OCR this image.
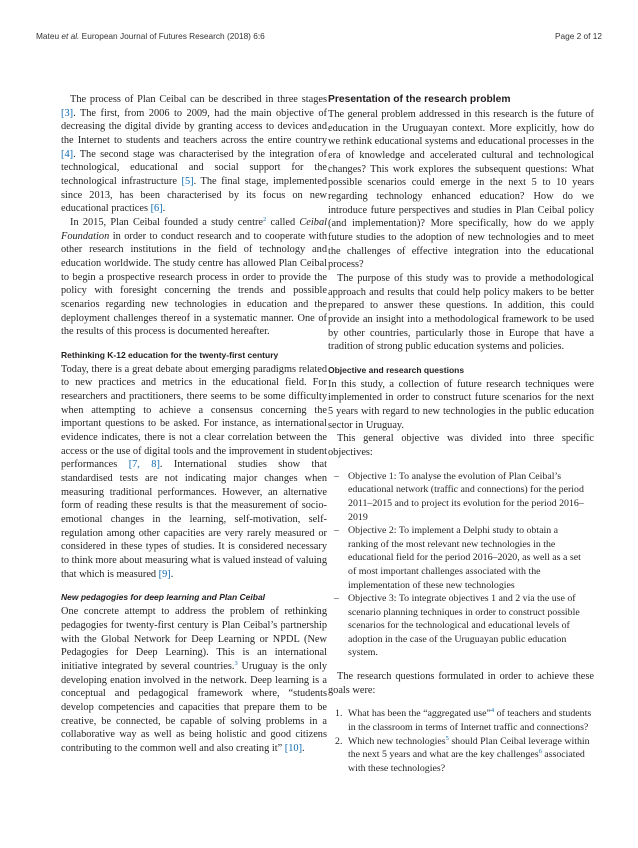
Mateu et al. European Journal of Futures Research (2018) 6:6	Page 2 of 12

The process of Plan Ceibal can be described in three stages [3]. The first, from 2006 to 2009, had the main objective of decreasing the digital divide by granting access to devices and the Internet to students and teachers across the entire country [4]. The second stage was characterised by the integration of technological, educational and social support for the technological infrastructure [5]. The final stage, implemented since 2013, has been characterised by its focus on new educational practices [6].

In 2015, Plan Ceibal founded a study centre$^2$ called Ceibal Foundation in order to conduct research and to cooperate with other research institutions in the field of technology and education worldwide. The study centre has allowed Plan Ceibal to begin a prospective research process in order to provide the policy with foresight concerning the trends and possible scenarios regarding new technologies in education and the deployment challenges thereof in a systematic manner. One of the results of this process is documented hereafter.

Rethinking K-12 education for the twenty-first century

Today, there is a great debate about emerging paradigms related to new practices and metrics in the educational field. For researchers and practitioners, there seems to be some difficulty when attempting to achieve a consensus concerning the important questions to be asked. For instance, as international evidence indicates, there is not a clear correlation between the access or the use of digital tools and the improvement in student performances [7, 8]. International studies show that standardised tests are not indicating major changes when measuring traditional performances. However, an alternative form of reading these results is that the measurement of socio-emotional changes in the learning, self-motivation, self-regulation among other capacities are very rarely measured or considered in these types of studies. It is considered necessary to think more about measuring what is valued instead of valuing that which is measured [9].

New pedagogies for deep learning and Plan Ceibal

One concrete attempt to address the problem of rethinking pedagogies for twenty-first century is Plan Ceibal’s partnership with the Global Network for Deep Learning or NPDL (New Pedagogies for Deep Learning). This is an international initiative integrated by several countries.$^3$ Uruguay is the only developing enation involved in the network. Deep learning is a conceptual and pedagogical framework where, “students develop competencies and capacities that prepare them to be creative, be connected, be capable of solving problems in a collaborative way as well as being holistic and good citizens contributing to the common well and also creating it” [10].

Presentation of the research problem

The general problem addressed in this research is the future of education in the Uruguayan context. More explicitly, how do we rethink educational systems and educational processes in the era of knowledge and accelerated cultural and technological changes? This work explores the subsequent questions: What possible scenarios could emerge in the next 5 to 10 years regarding technology enhanced education? How do we introduce future perspectives and studies in Plan Ceibal policy (and implementation)? More specifically, how do we apply future studies to the adoption of new technologies and to meet the challenges of effective integration into the educational process?

The purpose of this study was to provide a methodological approach and results that could help policy makers to be better prepared to answer these questions. In addition, this could provide an insight into a methodological framework to be used by other countries, particularly those in Europe that have a tradition of strong public education systems and policies.

Objective and research questions

In this study, a collection of future research techniques were implemented in order to construct future scenarios for the next 5 years with regard to new technologies in the public education sector in Uruguay.

This general objective was divided into three specific objectives:

– Objective 1: To analyse the evolution of Plan Ceibal’s educational network (traffic and connections) for the period 2011–2015 and to project its evolution for the period 2016–2019
– Objective 2: To implement a Delphi study to obtain a ranking of the most relevant new technologies in the educational field for the period 2016–2020, as well as a set of most important challenges associated with the implementation of these new technologies
– Objective 3: To integrate objectives 1 and 2 via the use of scenario planning techniques in order to construct possible scenarios for the technological and educational levels of adoption in the case of the Uruguayan public education system.

The research questions formulated in order to achieve these goals were:

1. What has been the “aggregated use”$^4$ of teachers and students in the classroom in terms of Internet traffic and connections?
2. Which new technologies$^5$ should Plan Ceibal leverage within the next 5 years and what are the key challenges$^6$ associated with these technologies?
